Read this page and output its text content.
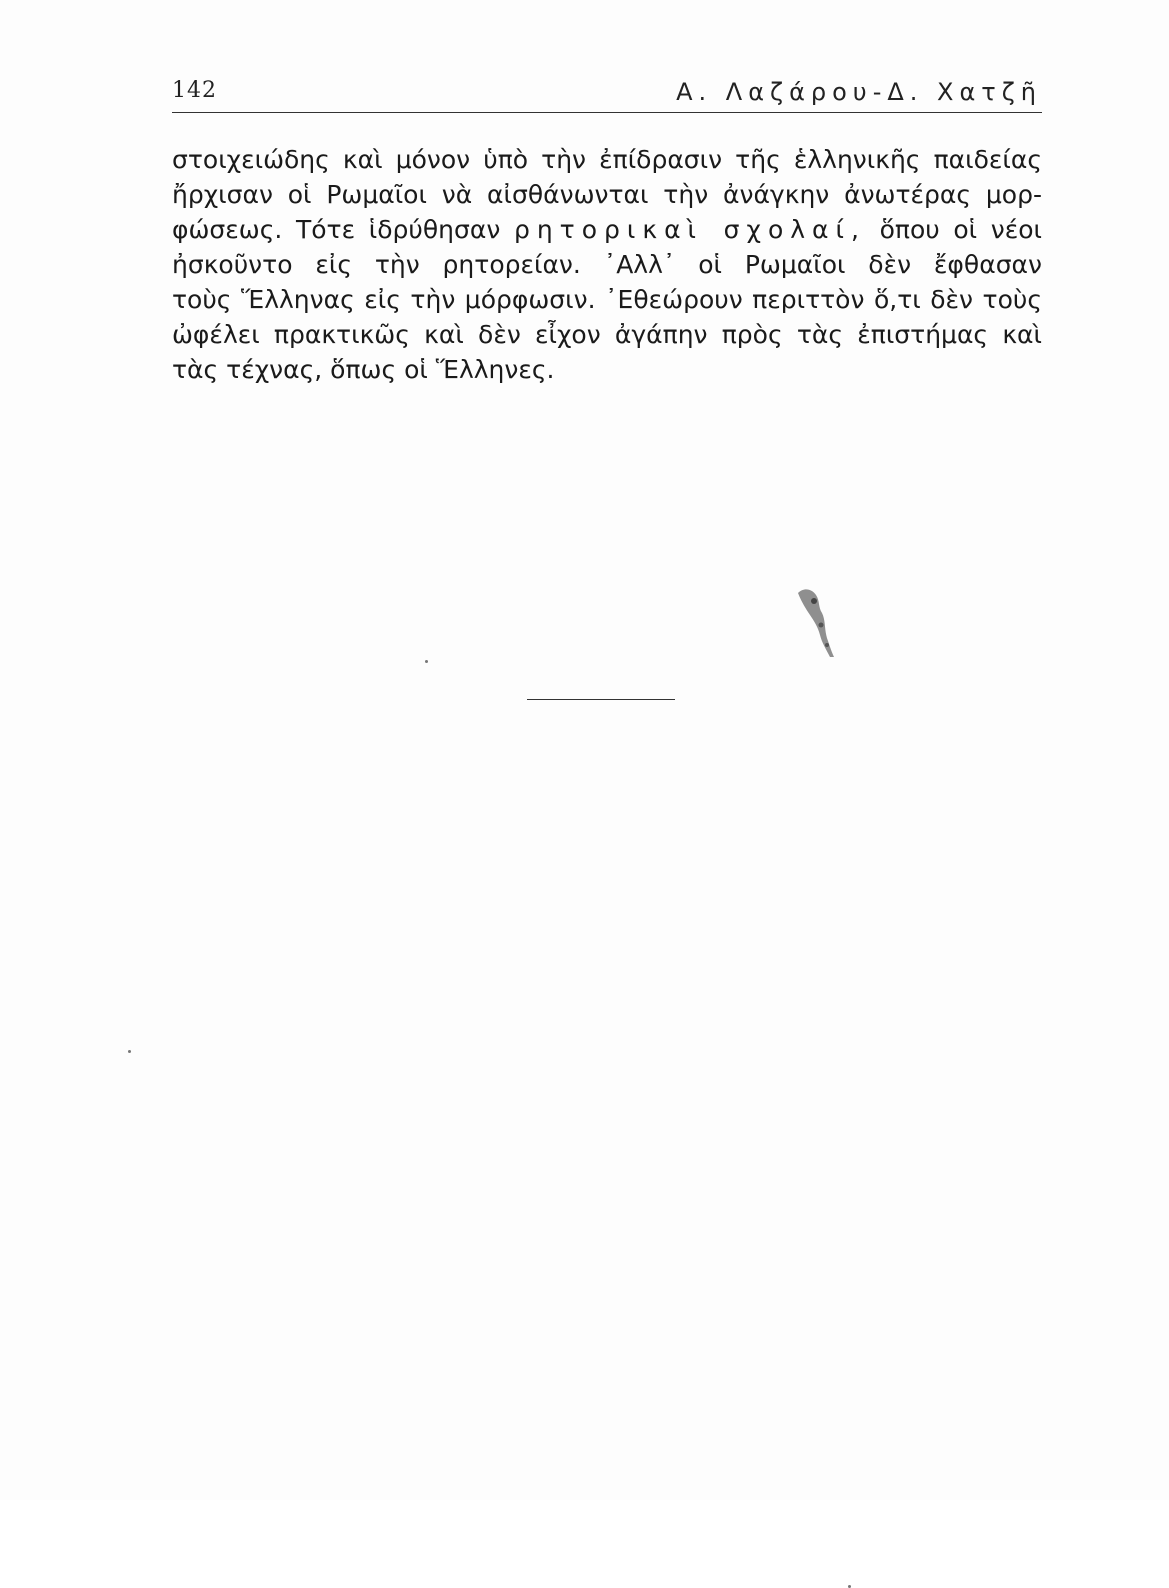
142	Α. Λαζάρου-Δ. Χατζῆ
στοιχειώδης καὶ μόνον ὑπὸ τὴν ἐπίδρασιν τῆς ἑλληνικῆς παιδείας
ἤρχισαν οἱ Ρωμαῖοι νὰ αἰσθάνωνται τὴν ἀνάγκην ἀνωτέρας μορ-
φώσεως. Τότε ἱδρύθησαν ρητορικαὶ σχολαί, ὅπου οἱ νέοι
ἠσκοῦντο εἰς τὴν ρητορείαν. ᾿Αλλ᾿ οἱ Ρωμαῖοι δὲν ἔφθασαν
τοὺς Ἕλληνας εἰς τὴν μόρφωσιν. ᾿Εθεώρουν περιττὸν ὅ,τι δὲν τοὺς
ὠφέλει πρακτικῶς καὶ δὲν εἶχον ἀγάπην πρὸς τὰς ἐπιστήμας καὶ
τὰς τέχνας, ὅπως οἱ Ἕλληνες.
